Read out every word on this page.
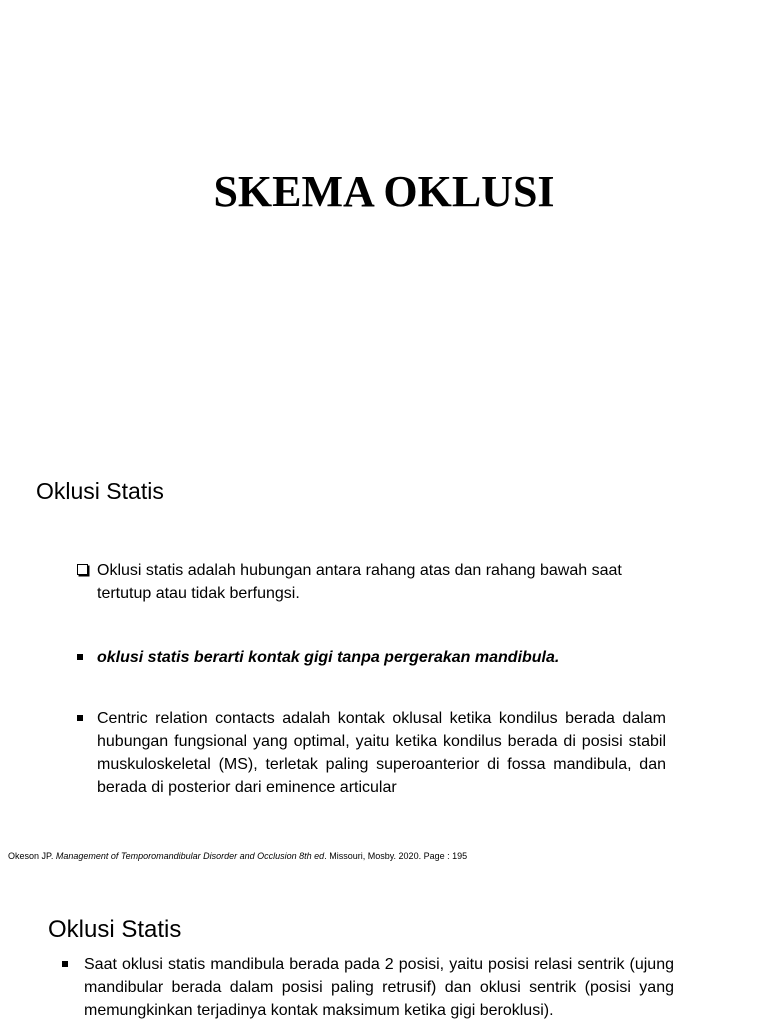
SKEMA OKLUSI
Oklusi Statis
Oklusi statis adalah hubungan antara rahang atas dan rahang bawah saat tertutup atau tidak berfungsi.
oklusi statis berarti kontak gigi tanpa pergerakan mandibula.
Centric relation contacts adalah kontak oklusal ketika kondilus berada dalam hubungan fungsional yang optimal, yaitu ketika kondilus berada di posisi stabil muskuloskeletal (MS), terletak paling superoanterior di fossa mandibula, dan berada di posterior dari eminence articular

Okeson JP. Management of Temporomandibular Disorder and Occlusion 8th ed. Missouri, Mosby. 2020. Page : 195

Oklusi Statis
Saat oklusi statis mandibula berada pada 2 posisi, yaitu posisi relasi sentrik (ujung mandibular berada dalam posisi paling retrusif) dan oklusi sentrik (posisi yang memungkinkan terjadinya kontak maksimum ketika gigi beroklusi).
